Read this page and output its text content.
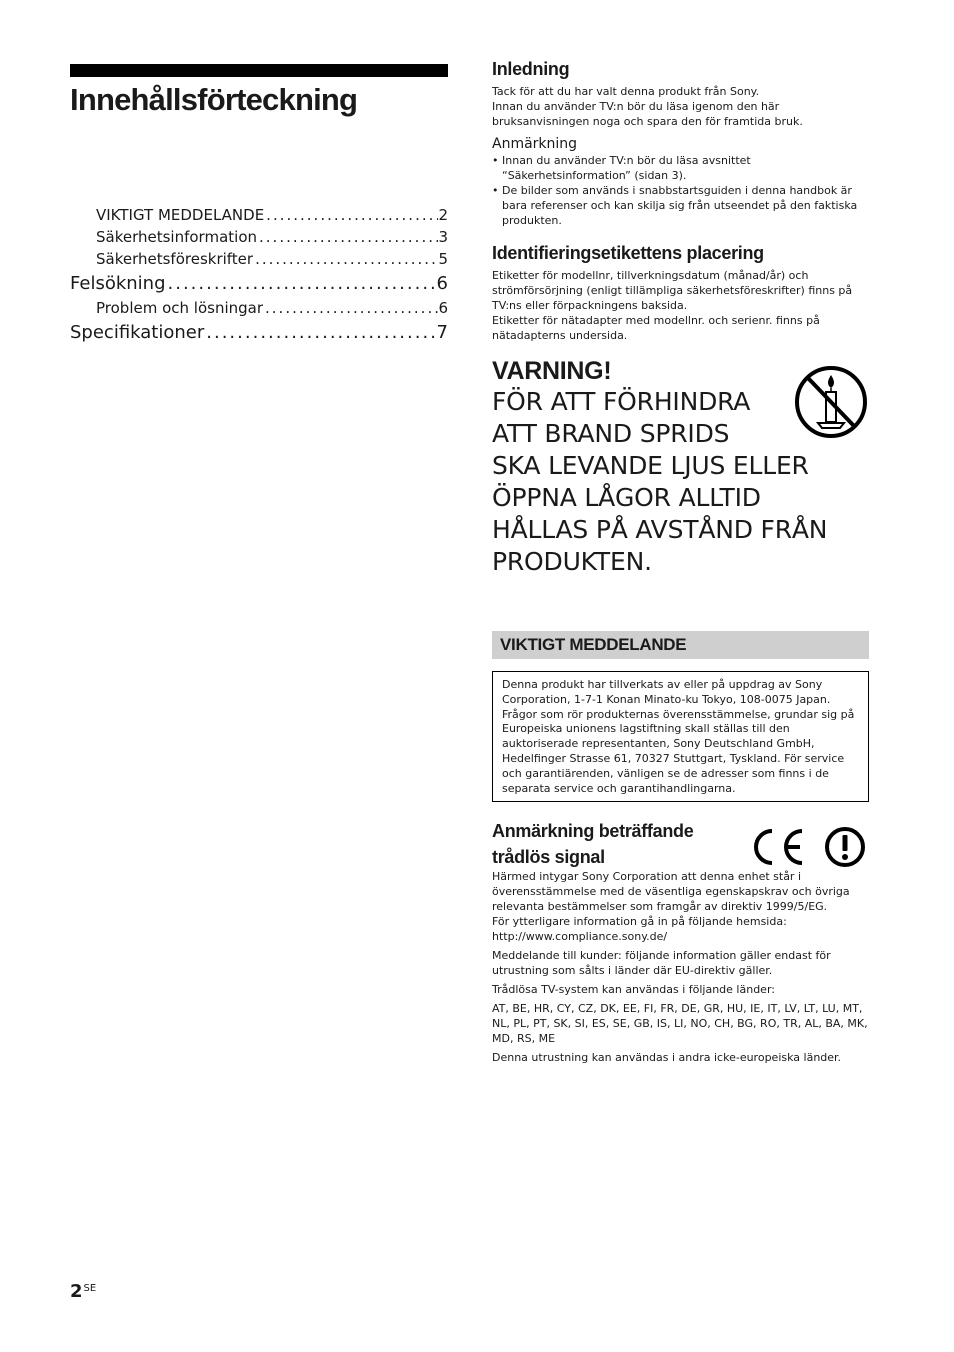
Innehållsförteckning
VIKTIGT MEDDELANDE .....	2
Säkerhetsinformation .....	3
Säkerhetsföreskrifter .....	5
Felsökning .....	6
Problem och lösningar .....	6
Specifikationer .....	7
Inledning

Tack för att du har valt denna produkt från Sony.

Innan du använder TV:n bör du läsa igenom den här bruksanvisningen noga och spara den för framtida bruk.

Anmärkning
• Innan du använder TV:n bör du läsa avsnittet “Säkerhetsinformation” (sidan 3).
• De bilder som används i snabbstartsguiden i denna handbok är bara referenser och kan skilja sig från utseendet på den faktiska produkten.
Identifieringsetikettens placering

Etiketter för modellnr, tillverkningsdatum (månad/år) och strömförsörjning (enligt tillämpliga säkerhetsföreskrifter) finns på TV:ns eller förpackningens baksida.

Etiketter för nätadapter med modellnr. och serienr. finns på nätadapterns undersida.

VARNING!

FÖR ATT FÖRHINDRA

ATT BRAND SPRIDS

SKA LEVANDE LJUS ELLER

ÖPPNA LÅGOR ALLTID

HÅLLAS PÅ AVSTÅND FRÅN

PRODUKTEN.

VIKTIGT MEDDELANDE
Denna produkt har tillverkats av eller på uppdrag av Sony Corporation, 1-7-1 Konan Minato-ku Tokyo, 108-0075 Japan. Frågor som rör produkternas överensstämmelse, grundar sig på Europeiska unionens lagstiftning skall ställas till den auktoriserade representanten, Sony Deutschland GmbH, Hedelfinger Strasse 61, 70327 Stuttgart, Tyskland. För service och garantiärenden, vänligen se de adresser som finns i de separata service och garantihandlingarna.
Anmärkning beträffande
trådlös signal

Härmed intygar Sony Corporation att denna enhet står i överensstämmelse med de väsentliga egenskapskrav och övriga relevanta bestämmelser som framgår av direktiv 1999/5/EG.

För ytterligare information gå in på följande hemsida:

http://www.compliance.sony.de/

Meddelande till kunder: följande information gäller endast för utrustning som sålts i länder där EU-direktiv gäller.

Trådlösa TV-system kan användas i följande länder:

AT, BE, HR, CY, CZ, DK, EE, FI, FR, DE, GR, HU, IE, IT, LV, LT, LU, MT, NL, PL, PT, SK, SI, ES, SE, GB, IS, LI, NO, CH, BG, RO, TR, AL, BA, MK, MD, RS, ME

Denna utrustning kan användas i andra icke-europeiska länder.

2$^{SE}$
